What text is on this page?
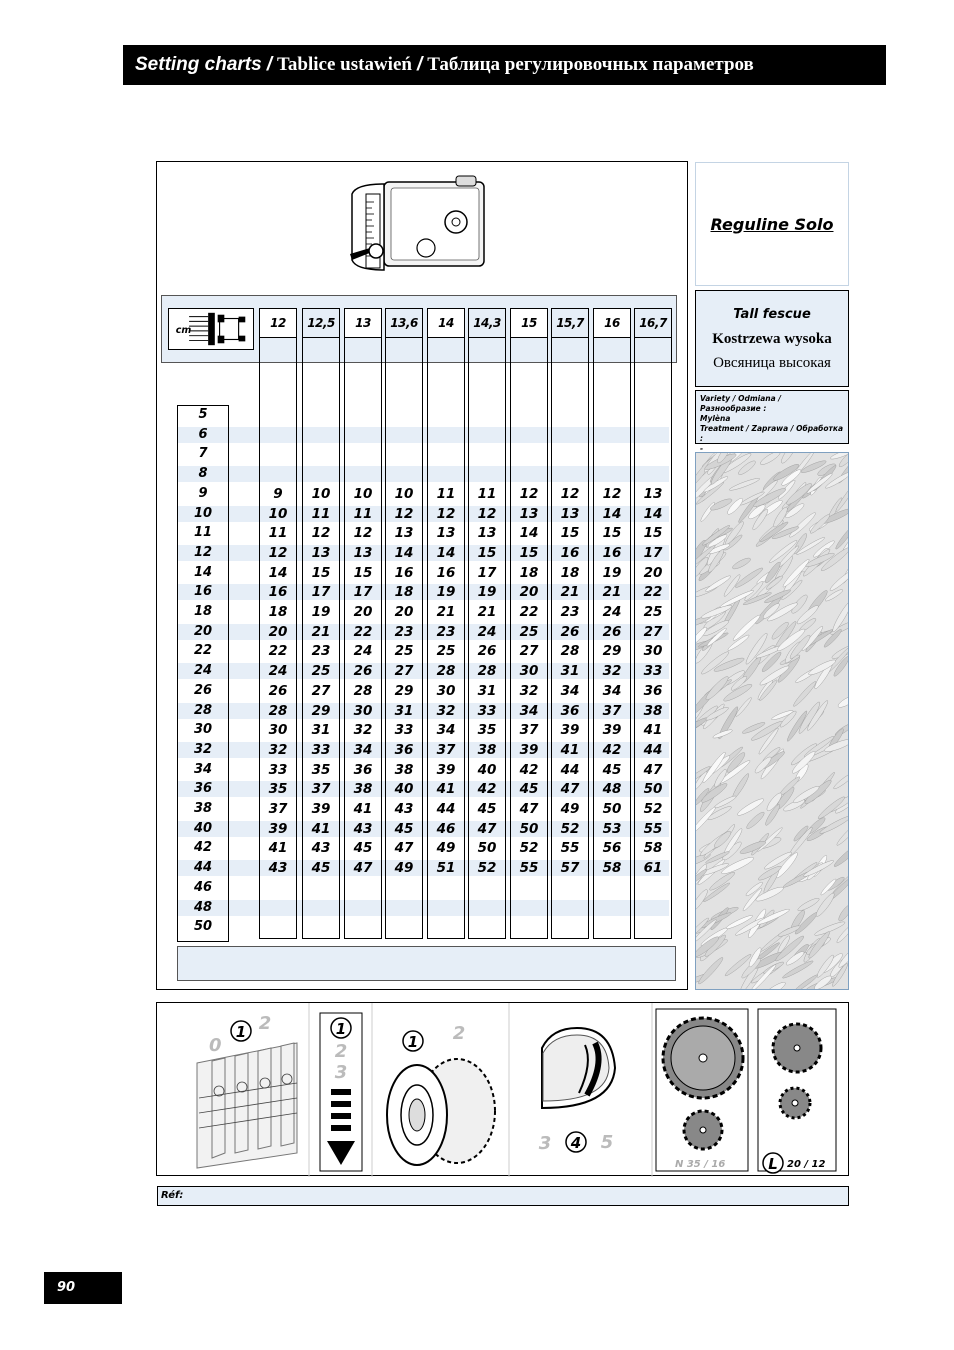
Setting charts / Tablice ustawień / Таблица регулировочных параметров
cm
12	12,5	13	13,6	14	14,3	15	15,7	16	16,7
5
6
7
8
9	9	10	10	10	11	11	12	12	12	13
10	10	11	11	12	12	12	13	13	14	14
11	11	12	12	13	13	13	14	15	15	15
12	12	13	13	14	14	15	15	16	16	17
14	14	15	15	16	16	17	18	18	19	20
16	16	17	17	18	19	19	20	21	21	22
18	18	19	20	20	21	21	22	23	24	25
20	20	21	22	23	23	24	25	26	26	27
22	22	23	24	25	25	26	27	28	29	30
24	24	25	26	27	28	28	30	31	32	33
26	26	27	28	29	30	31	32	34	34	36
28	28	29	30	31	32	33	34	36	37	38
30	30	31	32	33	34	35	37	39	39	41
32	32	33	34	36	37	38	39	41	42	44
34	33	35	36	38	39	40	42	44	45	47
36	35	37	38	40	41	42	45	47	48	50
38	37	39	41	43	44	45	47	49	50	52
40	39	41	43	45	46	47	50	52	53	55
42	41	43	45	47	49	50	52	55	56	58
44	43	45	47	49	51	52	55	57	58	61
46
48
50
Reguline Solo
Tall fescue
Kostrzewa wysoka
Овсяница высокая
Variety / Odmiana / Разнообразие :
Mylèna
Treatment / Zaprawa / Обработка :
-
0
1 2	1
2
3
1 2
3 4 5
N 35 / 16	L 20 / 12
Réf:
90
